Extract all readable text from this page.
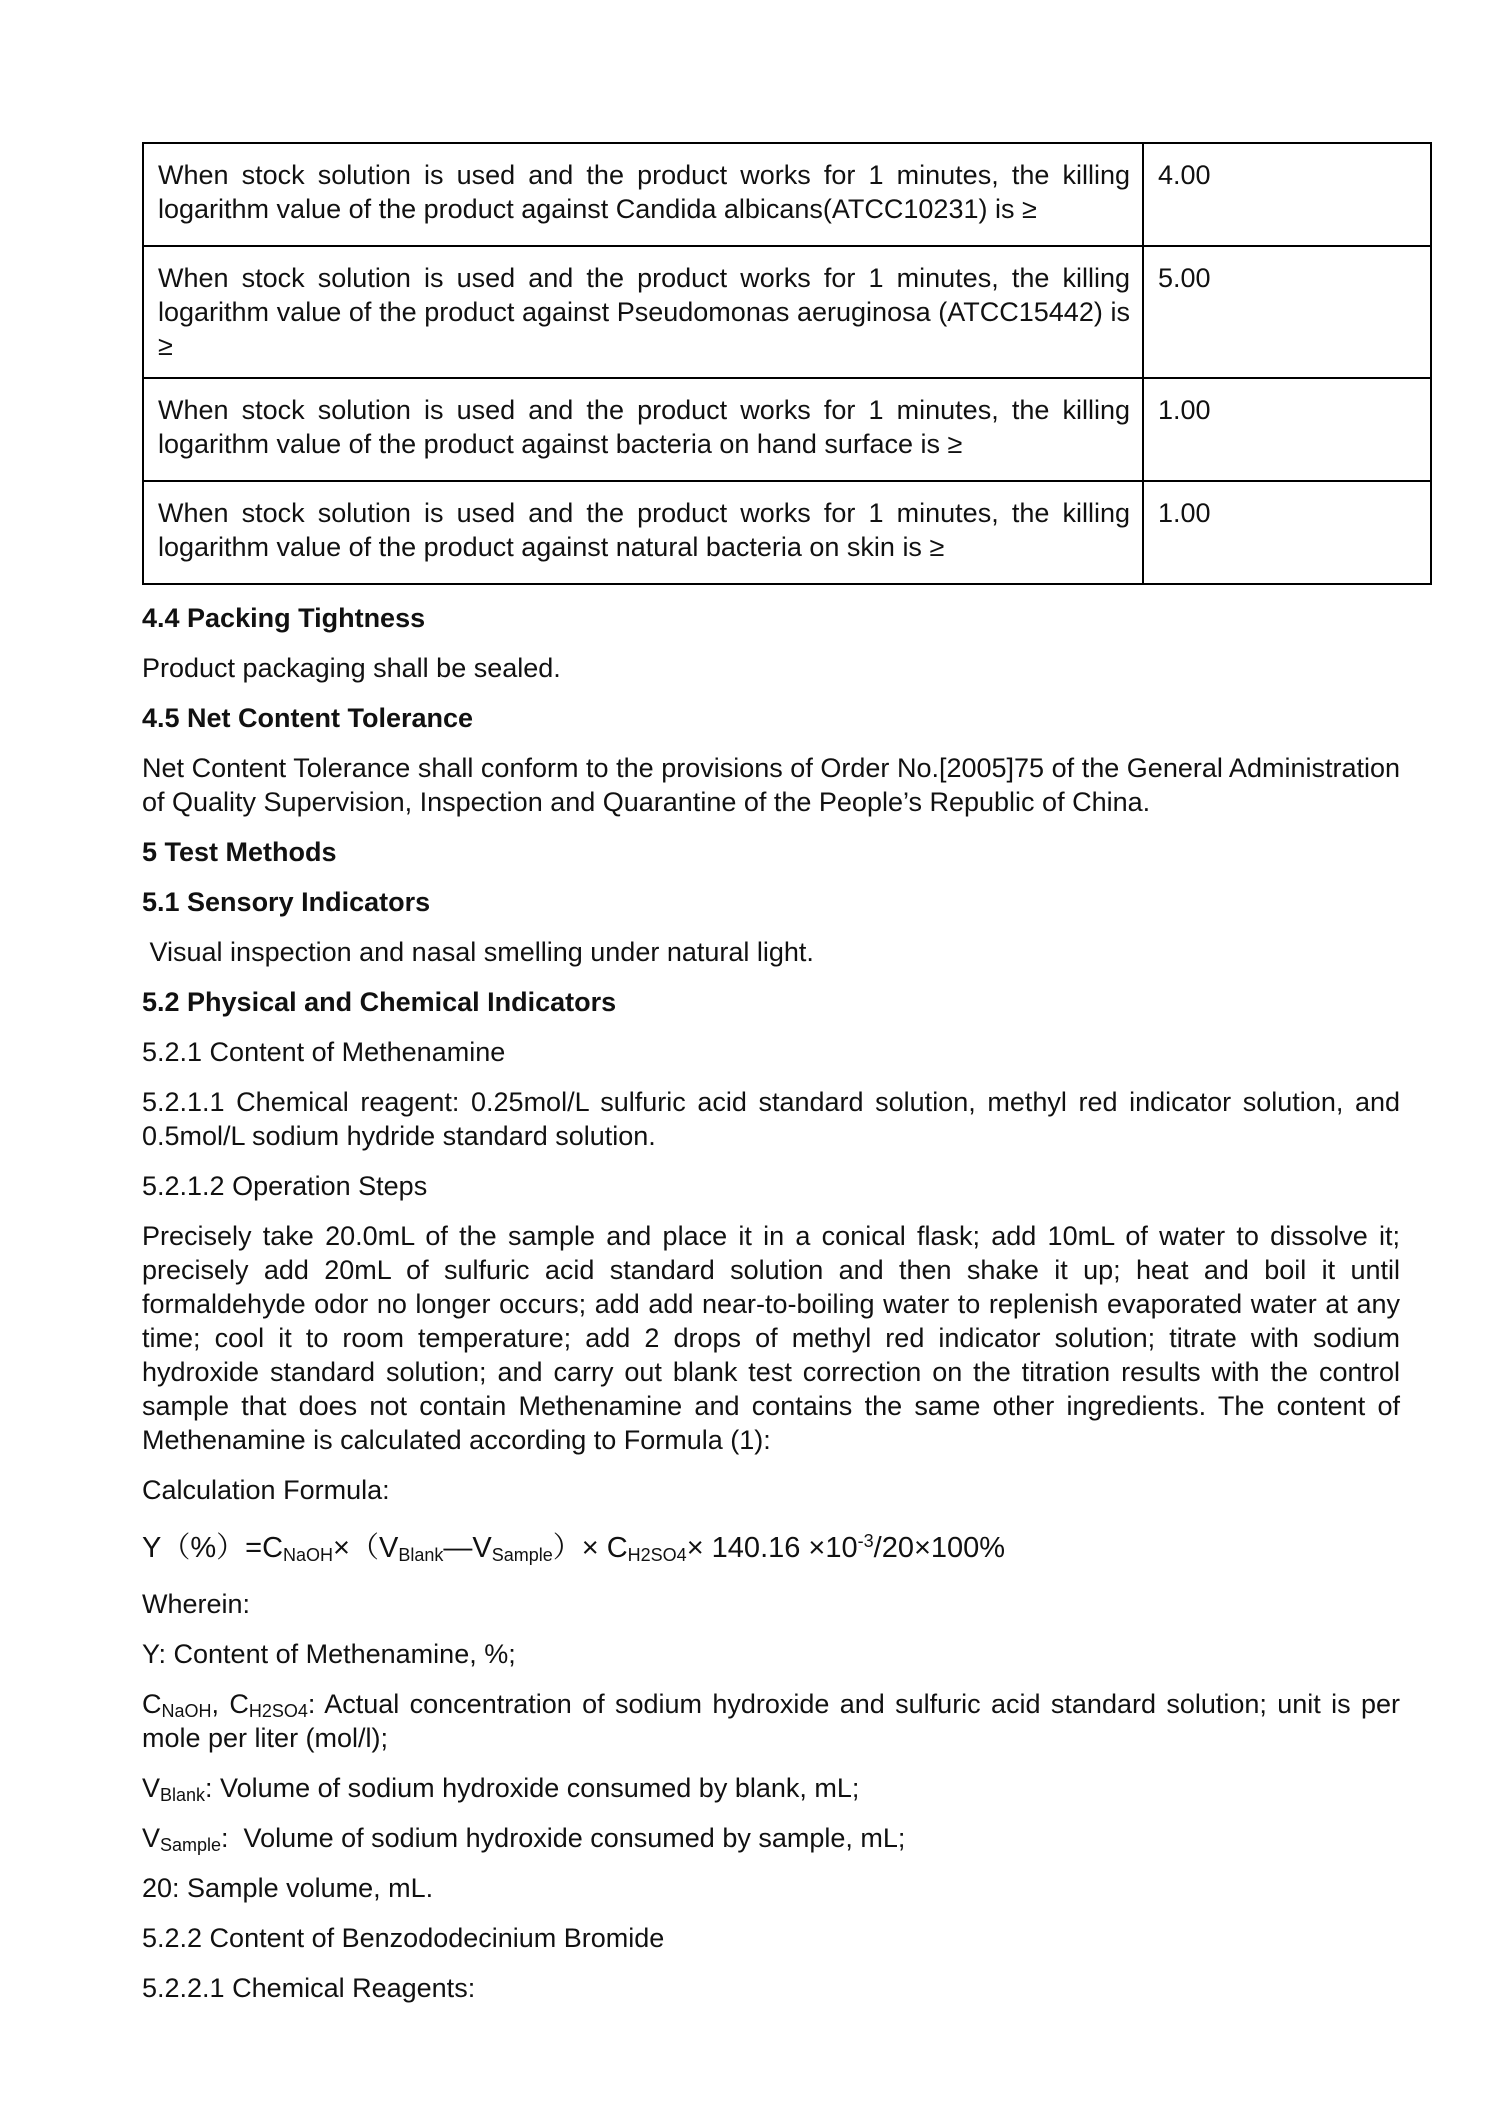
When stock solution is used and the product works for 1 minutes, the killing logarithm value of the product against Candida albicans(ATCC10231) is ≥	4.00
When stock solution is used and the product works for 1 minutes, the killing logarithm value of the product against Pseudomonas aeruginosa (ATCC15442) is ≥	5.00
When stock solution is used and the product works for 1 minutes, the killing logarithm value of the product against bacteria on hand surface is ≥	1.00
When stock solution is used and the product works for 1 minutes, the killing logarithm value of the product against natural bacteria on skin is ≥	1.00

4.4 Packing Tightness

Product packaging shall be sealed.

4.5 Net Content Tolerance

Net Content Tolerance shall conform to the provisions of Order No.[2005]75 of the General Administration of Quality Supervision, Inspection and Quarantine of the People’s Republic of China.

5 Test Methods

5.1 Sensory Indicators

Visual inspection and nasal smelling under natural light.

5.2 Physical and Chemical Indicators

5.2.1 Content of Methenamine

5.2.1.1 Chemical reagent: 0.25mol/L sulfuric acid standard solution, methyl red indicator solution, and 0.5mol/L sodium hydride standard solution.

5.2.1.2 Operation Steps

Precisely take 20.0mL of the sample and place it in a conical flask; add 10mL of water to dissolve it; precisely add 20mL of sulfuric acid standard solution and then shake it up; heat and boil it until formaldehyde odor no longer occurs; add add near-to-boiling water to replenish evaporated water at any time; cool it to room temperature; add 2 drops of methyl red indicator solution; titrate with sodium hydroxide standard solution; and carry out blank test correction on the titration results with the control sample that does not contain Methenamine and contains the same other ingredients. The content of Methenamine is calculated according to Formula (1):

Calculation Formula:

$Y(\%)=C_{NaOH}\times(V_{Blank}—V_{Sample})\times C_{H2SO4}\times 140.16 \times 10^{-3}/20\times 100\%$

Wherein:

Y: Content of Methenamine, %;

$C_{NaOH}$, $C_{H2SO4}$: Actual concentration of sodium hydroxide and sulfuric acid standard solution; unit is per mole per liter (mol/l);

$V_{Blank}$: Volume of sodium hydroxide consumed by blank, mL;

$V_{Sample}$:  Volume of sodium hydroxide consumed by sample, mL;

20: Sample volume, mL.

5.2.2 Content of Benzododecinium Bromide

5.2.2.1 Chemical Reagents:
